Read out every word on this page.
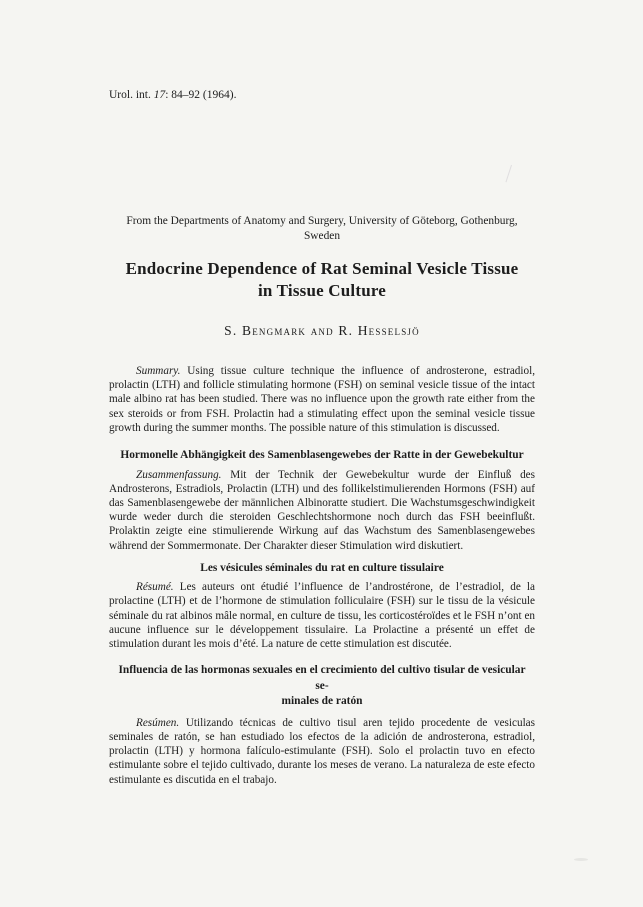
Urol. int. 17: 84–92 (1964).
From the Departments of Anatomy and Surgery, University of Göteborg, Gothenburg, Sweden
Endocrine Dependence of Rat Seminal Vesicle Tissue
in Tissue Culture
S. Bengmark and R. Hesselsjö

Summary. Using tissue culture technique the influence of androsterone, estradiol, prolactin (LTH) and follicle stimulating hormone (FSH) on seminal vesicle tissue of the intact male albino rat has been studied. There was no influence upon the growth rate either from the sex steroids or from FSH. Prolactin had a stimulating effect upon the seminal vesicle tissue growth during the summer months. The possible nature of this stimulation is discussed.

Hormonelle Abhängigkeit des Samenblasengewebes der Ratte in der Gewebekultur

Zusammenfassung. Mit der Technik der Gewebekultur wurde der Einfluß des Androsterons, Estradiols, Prolactin (LTH) und des follikelstimulierenden Hormons (FSH) auf das Samenblasengewebe der männlichen Albinoratte studiert. Die Wachstumsgeschwindigkeit wurde weder durch die steroiden Geschlechtshormone noch durch das FSH beeinflußt. Prolaktin zeigte eine stimulierende Wirkung auf das Wachstum des Samenblasengewebes während der Sommermonate. Der Charakter dieser Stimulation wird diskutiert.

Les vésicules séminales du rat en culture tissulaire

Résumé. Les auteurs ont étudié l’influence de l’androstérone, de l’estradiol, de la prolactine (LTH) et de l’hormone de stimulation folliculaire (FSH) sur le tissu de la vésicule séminale du rat albinos mâle normal, en culture de tissu, les corticostéroïdes et le FSH n’ont en aucune influence sur le développement tissulaire. La Prolactine a présenté un effet de stimulation durant les mois d’été. La nature de cette stimulation est discutée.

Influencia de las hormonas sexuales en el crecimiento del cultivo tisular de vesicular se-
minales de ratón

Resúmen. Utilizando técnicas de cultivo tisul aren tejido procedente de vesiculas seminales de ratón, se han estudiado los efectos de la adición de androsterona, estradiol, prolactin (LTH) y hormona falículo-estimulante (FSH). Solo el prolactin tuvo en efecto estimulante sobre el tejido cultivado, durante los meses de verano. La naturaleza de este efecto estimulante es discutida en el trabajo.
